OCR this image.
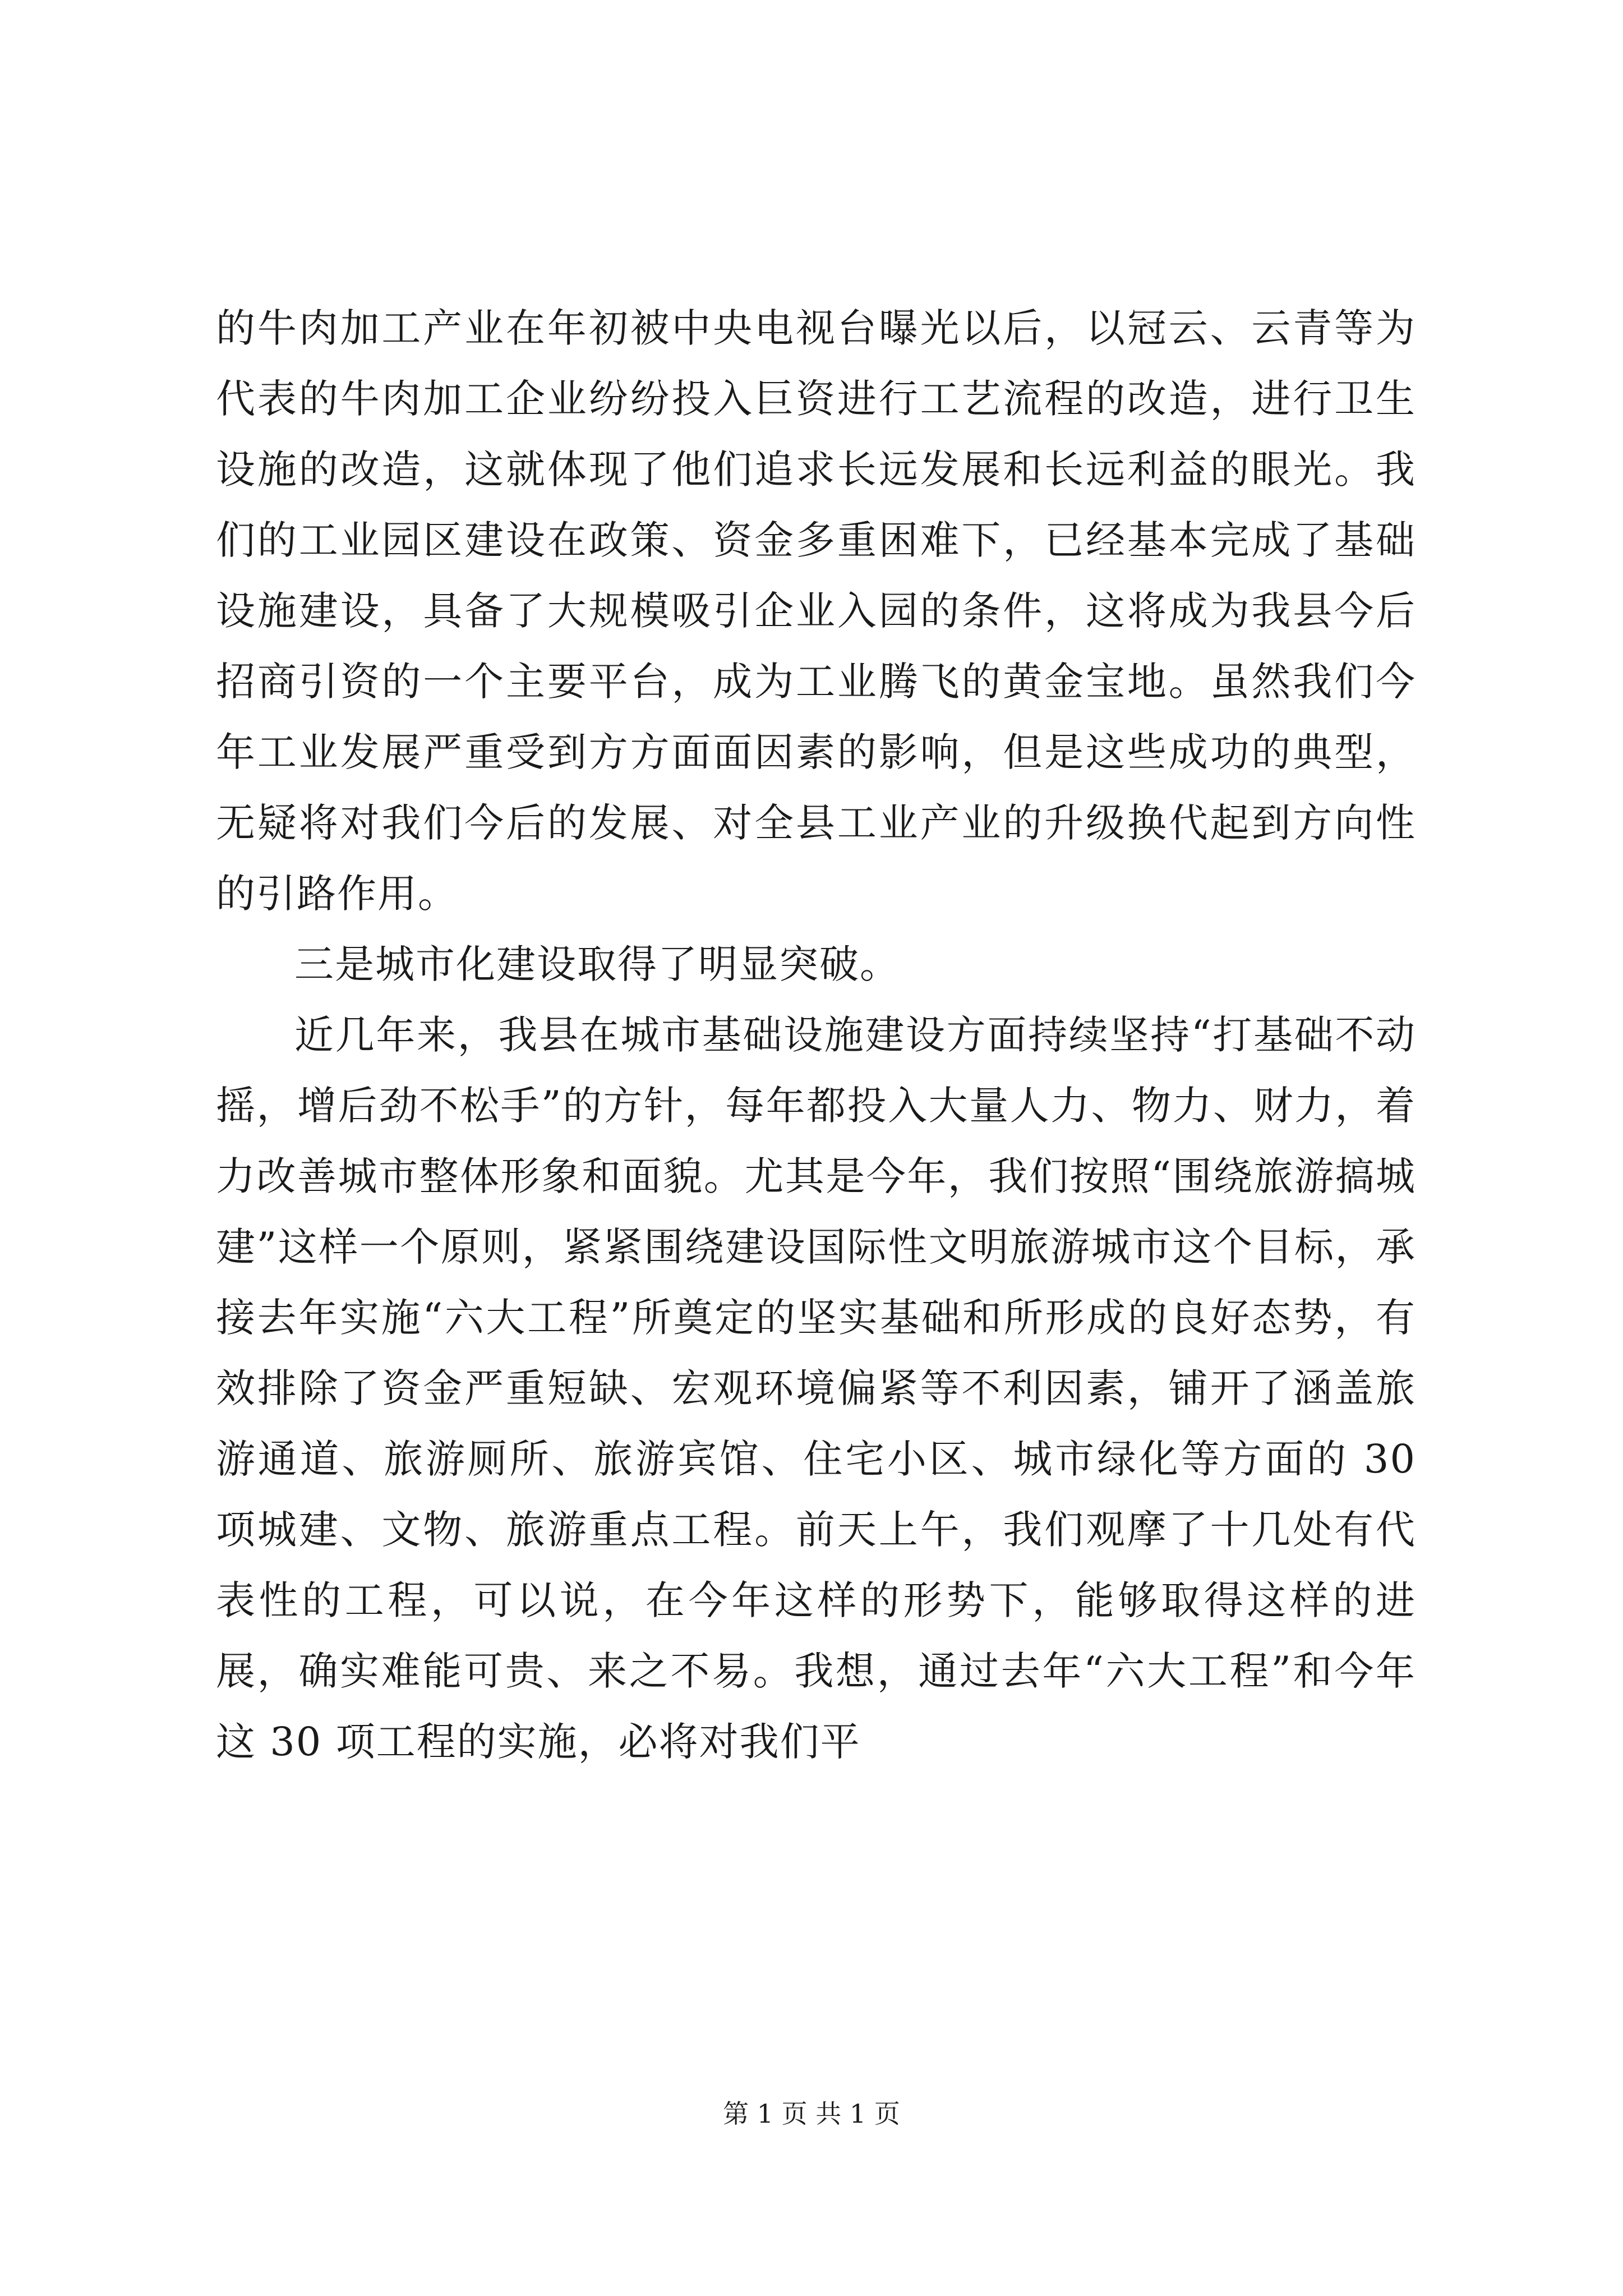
的牛肉加工产业在年初被中央电视台曝光以后，以冠云、云青等为代表的牛肉加工企业纷纷投入巨资进行工艺流程的改造，进行卫生设施的改造，这就体现了他们追求长远发展和长远利益的眼光。我们的工业园区建设在政策、资金多重困难下，已经基本完成了基础设施建设，具备了大规模吸引企业入园的条件，这将成为我县今后招商引资的一个主要平台，成为工业腾飞的黄金宝地。虽然我们今年工业发展严重受到方方面面因素的影响，但是这些成功的典型，无疑将对我们今后的发展、对全县工业产业的升级换代起到方向性的引路作用。

三是城市化建设取得了明显突破。

近几年来，我县在城市基础设施建设方面持续坚持“打基础不动摇，增后劲不松手”的方针，每年都投入大量人力、物力、财力，着力改善城市整体形象和面貌。尤其是今年，我们按照“围绕旅游搞城建”这样一个原则，紧紧围绕建设国际性文明旅游城市这个目标，承接去年实施“六大工程”所奠定的坚实基础和所形成的良好态势，有效排除了资金严重短缺、宏观环境偏紧等不利因素，铺开了涵盖旅游通道、旅游厕所、旅游宾馆、住宅小区、城市绿化等方面的 30 项城建、文物、旅游重点工程。前天上午，我们观摩了十几处有代表性的工程，可以说，在今年这样的形势下，能够取得这样的进展，确实难能可贵、来之不易。我想，通过去年“六大工程”和今年这 30 项工程的实施，必将对我们平

第 1 页 共 1 页
